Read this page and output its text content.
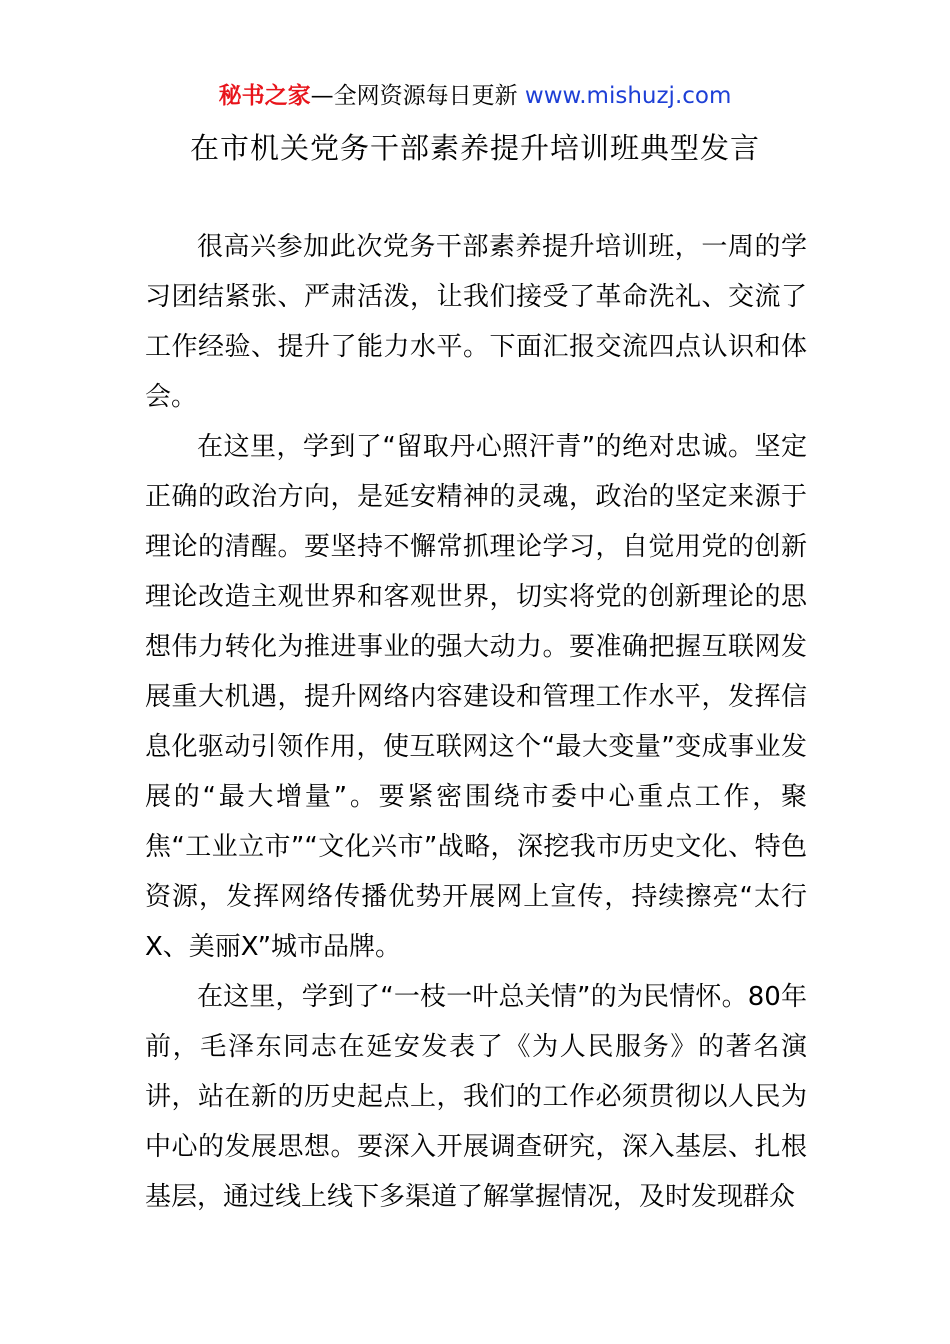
秘书之家—全网资源每日更新 www.mishuzj.com
在市机关党务干部素养提升培训班典型发言

很高兴参加此次党务干部素养提升培训班，一周的学习团结紧张、严肃活泼，让我们接受了革命洗礼、交流了工作经验、提升了能力水平。下面汇报交流四点认识和体会。

在这里，学到了“留取丹心照汗青”的绝对忠诚。坚定正确的政治方向，是延安精神的灵魂，政治的坚定来源于理论的清醒。要坚持不懈常抓理论学习，自觉用党的创新理论改造主观世界和客观世界，切实将党的创新理论的思想伟力转化为推进事业的强大动力。要准确把握互联网发展重大机遇，提升网络内容建设和管理工作水平，发挥信息化驱动引领作用，使互联网这个“最大变量”变成事业发展的“最大增量”。要紧密围绕市委中心重点工作，聚焦“工业立市”“文化兴市”战略，深挖我市历史文化、特色资源，发挥网络传播优势开展网上宣传，持续擦亮“太行X、美丽X”城市品牌。

在这里，学到了“一枝一叶总关情”的为民情怀。80年前，毛泽东同志在延安发表了《为人民服务》的著名演讲，站在新的历史起点上，我们的工作必须贯彻以人民为中心的发展思想。要深入开展调查研究，深入基层、扎根基层，通过线上线下多渠道了解掌握情况，及时发现群众
